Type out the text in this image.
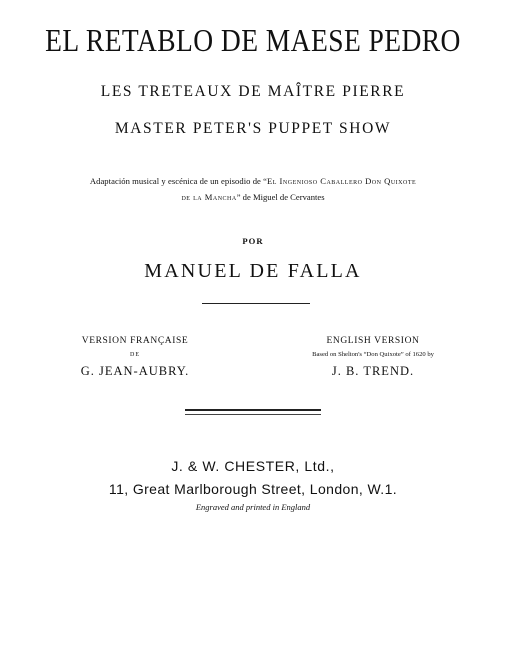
EL RETABLO DE MAESE PEDRO
LES TRETEAUX DE MAÎTRE PIERRE
MASTER PETER'S PUPPET SHOW
Adaptación musical y escénica de un episodio de “El Ingenioso Caballero Don Quixote
de la Mancha” de Miguel de Cervantes
POR
MANUEL DE FALLA
VERSION FRANÇAISE
DE
G. JEAN-AUBRY.
ENGLISH VERSION
Based on Shelton's “Don Quixote” of 1620 by
J. B. TREND.
J. & W. CHESTER, Ltd.,
11, Great Marlborough Street, London, W.1.
Engraved and printed in England
